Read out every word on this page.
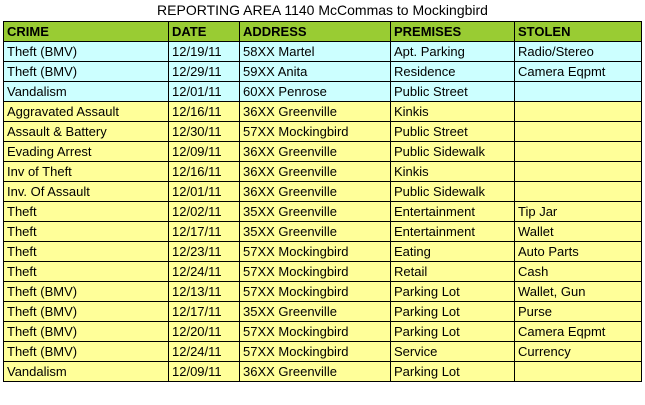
REPORTING AREA 1140 McCommas to Mockingbird
CRIME	DATE	ADDRESS	PREMISES	STOLEN
Theft (BMV)	12/19/11	58XX Martel	Apt. Parking	Radio/Stereo
Theft (BMV)	12/29/11	59XX Anita	Residence	Camera Eqpmt
Vandalism	12/01/11	60XX Penrose	Public Street	
Aggravated Assault	12/16/11	36XX Greenville	Kinkis	
Assault & Battery	12/30/11	57XX Mockingbird	Public Street	
Evading Arrest	12/09/11	36XX Greenville	Public Sidewalk	
Inv of Theft	12/16/11	36XX Greenville	Kinkis	
Inv. Of Assault	12/01/11	36XX Greenville	Public Sidewalk	
Theft	12/02/11	35XX Greenville	Entertainment	Tip Jar
Theft	12/17/11	35XX Greenville	Entertainment	Wallet
Theft	12/23/11	57XX Mockingbird	Eating	Auto Parts
Theft	12/24/11	57XX Mockingbird	Retail	Cash
Theft (BMV)	12/13/11	57XX Mockingbird	Parking Lot	Wallet, Gun
Theft (BMV)	12/17/11	35XX Greenville	Parking Lot	Purse
Theft (BMV)	12/20/11	57XX Mockingbird	Parking Lot	Camera Eqpmt
Theft (BMV)	12/24/11	57XX Mockingbird	Service	Currency
Vandalism	12/09/11	36XX Greenville	Parking Lot	
